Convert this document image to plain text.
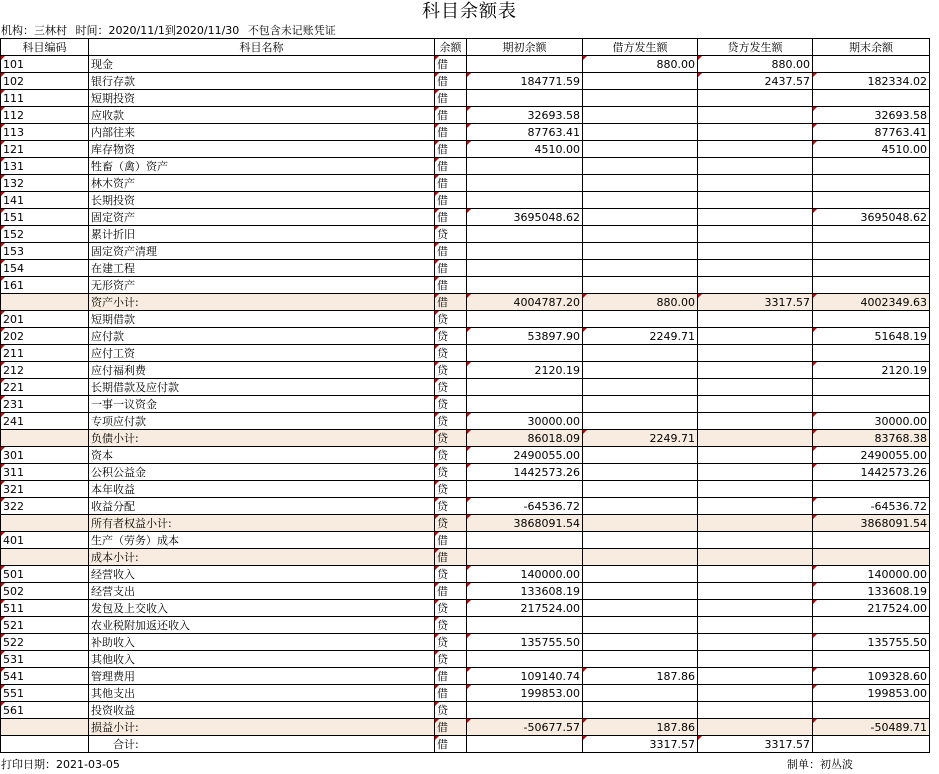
科目余额表
机构：三林村 时间：2020/11/1到2020/11/30 不包含未记账凭证
科目编码	科目名称	余额	期初余额	借方发生额	贷方发生额	期末余额
101	现金	借		880.00	880.00	
102	银行存款	借	184771.59		2437.57	182334.02
111	短期投资	借				
112	应收款	借	32693.58			32693.58
113	内部往来	借	87763.41			87763.41
121	库存物资	借	4510.00			4510.00
131	牲畜（禽）资产	借				
132	林木资产	借				
141	长期投资	借				
151	固定资产	借	3695048.62			3695048.62
152	累计折旧	贷				
153	固定资产清理	借				
154	在建工程	借				
161	无形资产	借				
	资产小计:	借	4004787.20	880.00	3317.57	4002349.63
201	短期借款	贷				
202	应付款	贷	53897.90	2249.71		51648.19
211	应付工资	贷				
212	应付福利费	贷	2120.19			2120.19
221	长期借款及应付款	贷				
231	一事一议资金	贷				
241	专项应付款	贷	30000.00			30000.00
	负债小计:	贷	86018.09	2249.71		83768.38
301	资本	贷	2490055.00			2490055.00
311	公积公益金	贷	1442573.26			1442573.26
321	本年收益	贷				
322	收益分配	贷	-64536.72			-64536.72
	所有者权益小计:	贷	3868091.54			3868091.54
401	生产（劳务）成本	借				
	成本小计:	借				
501	经营收入	贷	140000.00			140000.00
502	经营支出	借	133608.19			133608.19
511	发包及上交收入	贷	217524.00			217524.00
521	农业税附加返还收入	贷				
522	补助收入	贷	135755.50			135755.50
531	其他收入	贷				
541	管理费用	借	109140.74	187.86		109328.60
551	其他支出	借	199853.00			199853.00
561	投资收益	贷				
	损益小计:	借	-50677.57	187.86		-50489.71
	合计:	借		3317.57	3317.57	
打印日期：2021-03-05	制单：初丛波
